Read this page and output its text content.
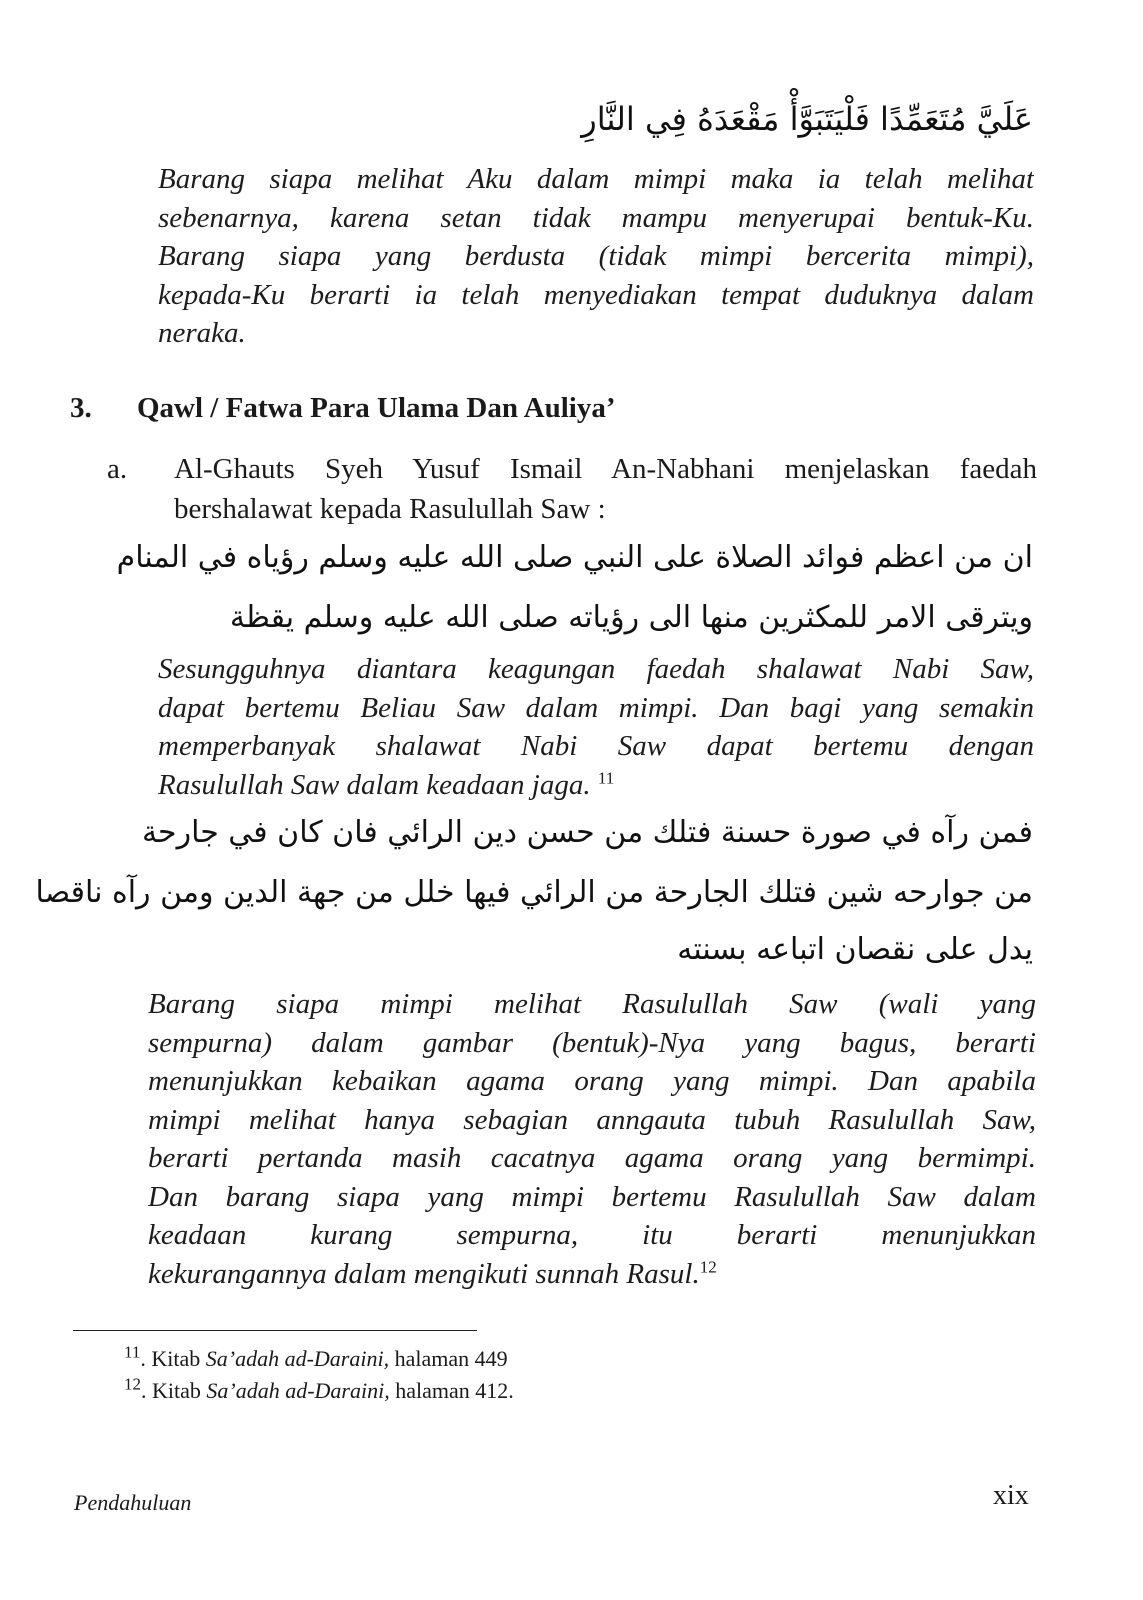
عَلَيَّ مُتَعَمِّدًا فَلْيَتَبَوَّأْ مَقْعَدَهُ فِي النَّارِ
Barang siapa melihat Aku dalam mimpi maka ia telah melihat
sebenarnya, karena setan tidak mampu menyerupai bentuk-Ku.
Barang siapa yang berdusta (tidak mimpi bercerita mimpi),
kepada-Ku berarti ia telah menyediakan tempat duduknya dalam
neraka.
3. Qawl / Fatwa Para Ulama Dan Auliya’
a. Al-Ghauts Syeh Yusuf Ismail An-Nabhani menjelaskan faedah
bershalawat kepada Rasulullah Saw :
ان من اعظم فوائد الصلاة على النبي صلى الله عليه وسلم رؤياه في المنام
ويترقى الامر للمكثرين منها الى رؤياته صلى الله عليه وسلم يقظة
Sesungguhnya diantara keagungan faedah shalawat Nabi Saw,
dapat bertemu Beliau Saw dalam mimpi. Dan bagi yang semakin
memperbanyak shalawat Nabi Saw dapat bertemu dengan
Rasulullah Saw dalam keadaan jaga. $^{11}$
فمن رآه في صورة حسنة فتلك من حسن دين الرائي فان كان في جارحة
من جوارحه شين فتلك الجارحة من الرائي فيها خلل من جهة الدين ومن رآه ناقصا
يدل على نقصان اتباعه بسنته
Barang siapa mimpi melihat Rasulullah Saw (wali yang
sempurna) dalam gambar (bentuk)-Nya yang bagus, berarti
menunjukkan kebaikan agama orang yang mimpi. Dan apabila
mimpi melihat hanya sebagian anngauta tubuh Rasulullah Saw,
berarti pertanda masih cacatnya agama orang yang bermimpi.
Dan barang siapa yang mimpi bertemu Rasulullah Saw dalam
keadaan kurang sempurna, itu berarti menunjukkan
kekurangannya dalam mengikuti sunnah Rasul.$^{12}$
$^{11}$. Kitab Sa’adah ad-Daraini, halaman 449
$^{12}$. Kitab Sa’adah ad-Daraini, halaman 412.
Pendahuluan	xix
